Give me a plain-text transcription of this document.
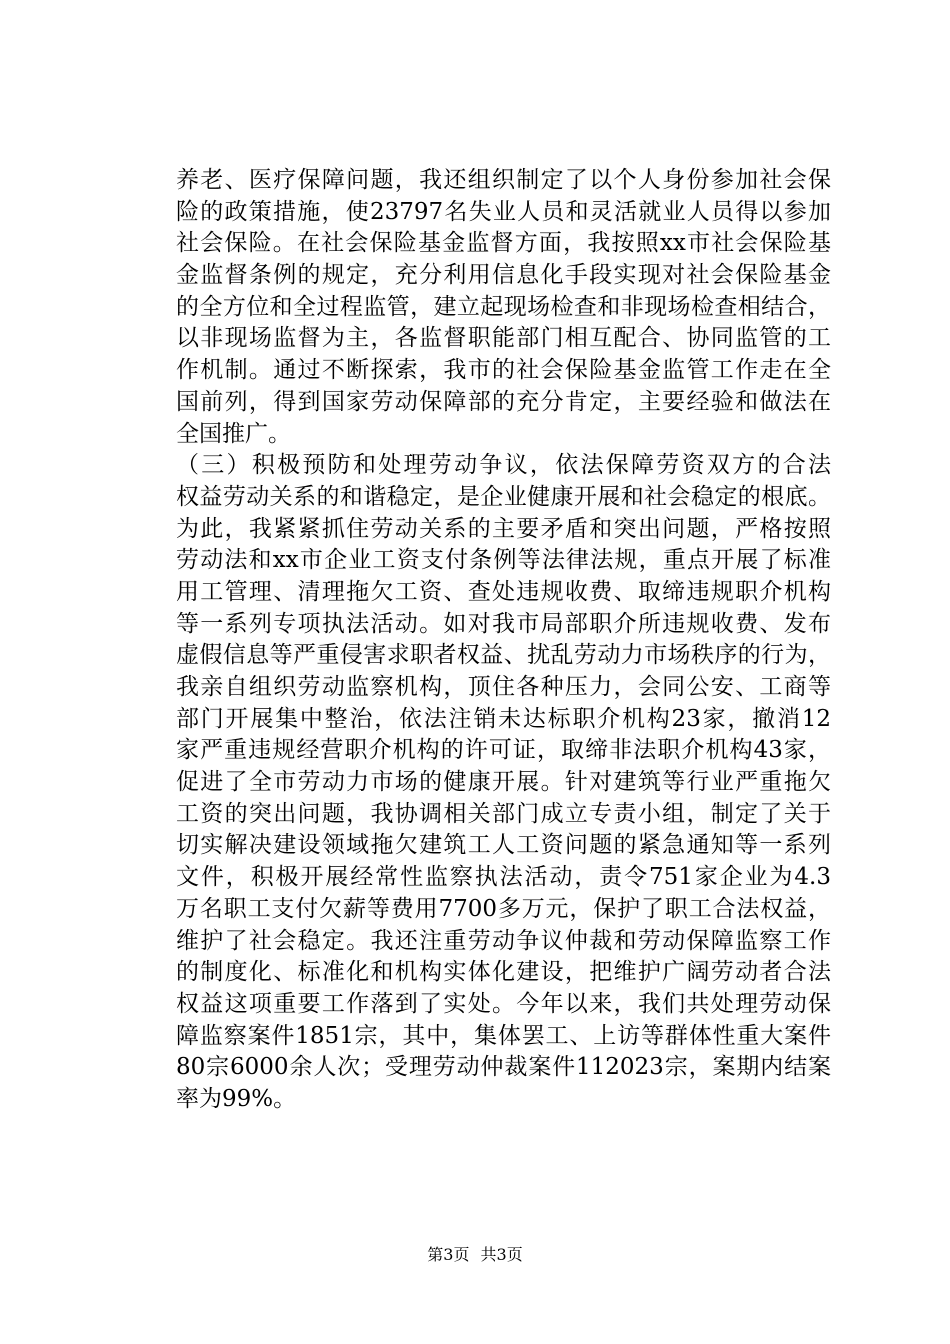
养老、医疗保障问题，我还组织制定了以个人身份参加社会保
险的政策措施，使23797名失业人员和灵活就业人员得以参加
社会保险。在社会保险基金监督方面，我按照xx市社会保险基
金监督条例的规定，充分利用信息化手段实现对社会保险基金
的全方位和全过程监管，建立起现场检查和非现场检查相结合，
以非现场监督为主，各监督职能部门相互配合、协同监管的工
作机制。通过不断探索，我市的社会保险基金监管工作走在全
国前列，得到国家劳动保障部的充分肯定，主要经验和做法在
全国推广。
（三）积极预防和处理劳动争议，依法保障劳资双方的合法
权益劳动关系的和谐稳定，是企业健康开展和社会稳定的根底。
为此，我紧紧抓住劳动关系的主要矛盾和突出问题，严格按照
劳动法和xx市企业工资支付条例等法律法规，重点开展了标准
用工管理、清理拖欠工资、查处违规收费、取缔违规职介机构
等一系列专项执法活动。如对我市局部职介所违规收费、发布
虚假信息等严重侵害求职者权益、扰乱劳动力市场秩序的行为，
我亲自组织劳动监察机构，顶住各种压力，会同公安、工商等
部门开展集中整治，依法注销未达标职介机构23家，撤消12
家严重违规经营职介机构的许可证，取缔非法职介机构43家，
促进了全市劳动力市场的健康开展。针对建筑等行业严重拖欠
工资的突出问题，我协调相关部门成立专责小组，制定了关于
切实解决建设领域拖欠建筑工人工资问题的紧急通知等一系列
文件，积极开展经常性监察执法活动，责令751家企业为4.3
万名职工支付欠薪等费用7700多万元，保护了职工合法权益，
维护了社会稳定。我还注重劳动争议仲裁和劳动保障监察工作
的制度化、标准化和机构实体化建设，把维护广阔劳动者合法
权益这项重要工作落到了实处。今年以来，我们共处理劳动保
障监察案件1851宗，其中，集体罢工、上访等群体性重大案件
80宗6000余人次；受理劳动仲裁案件112023宗，案期内结案
率为99%。
第3页 共3页
